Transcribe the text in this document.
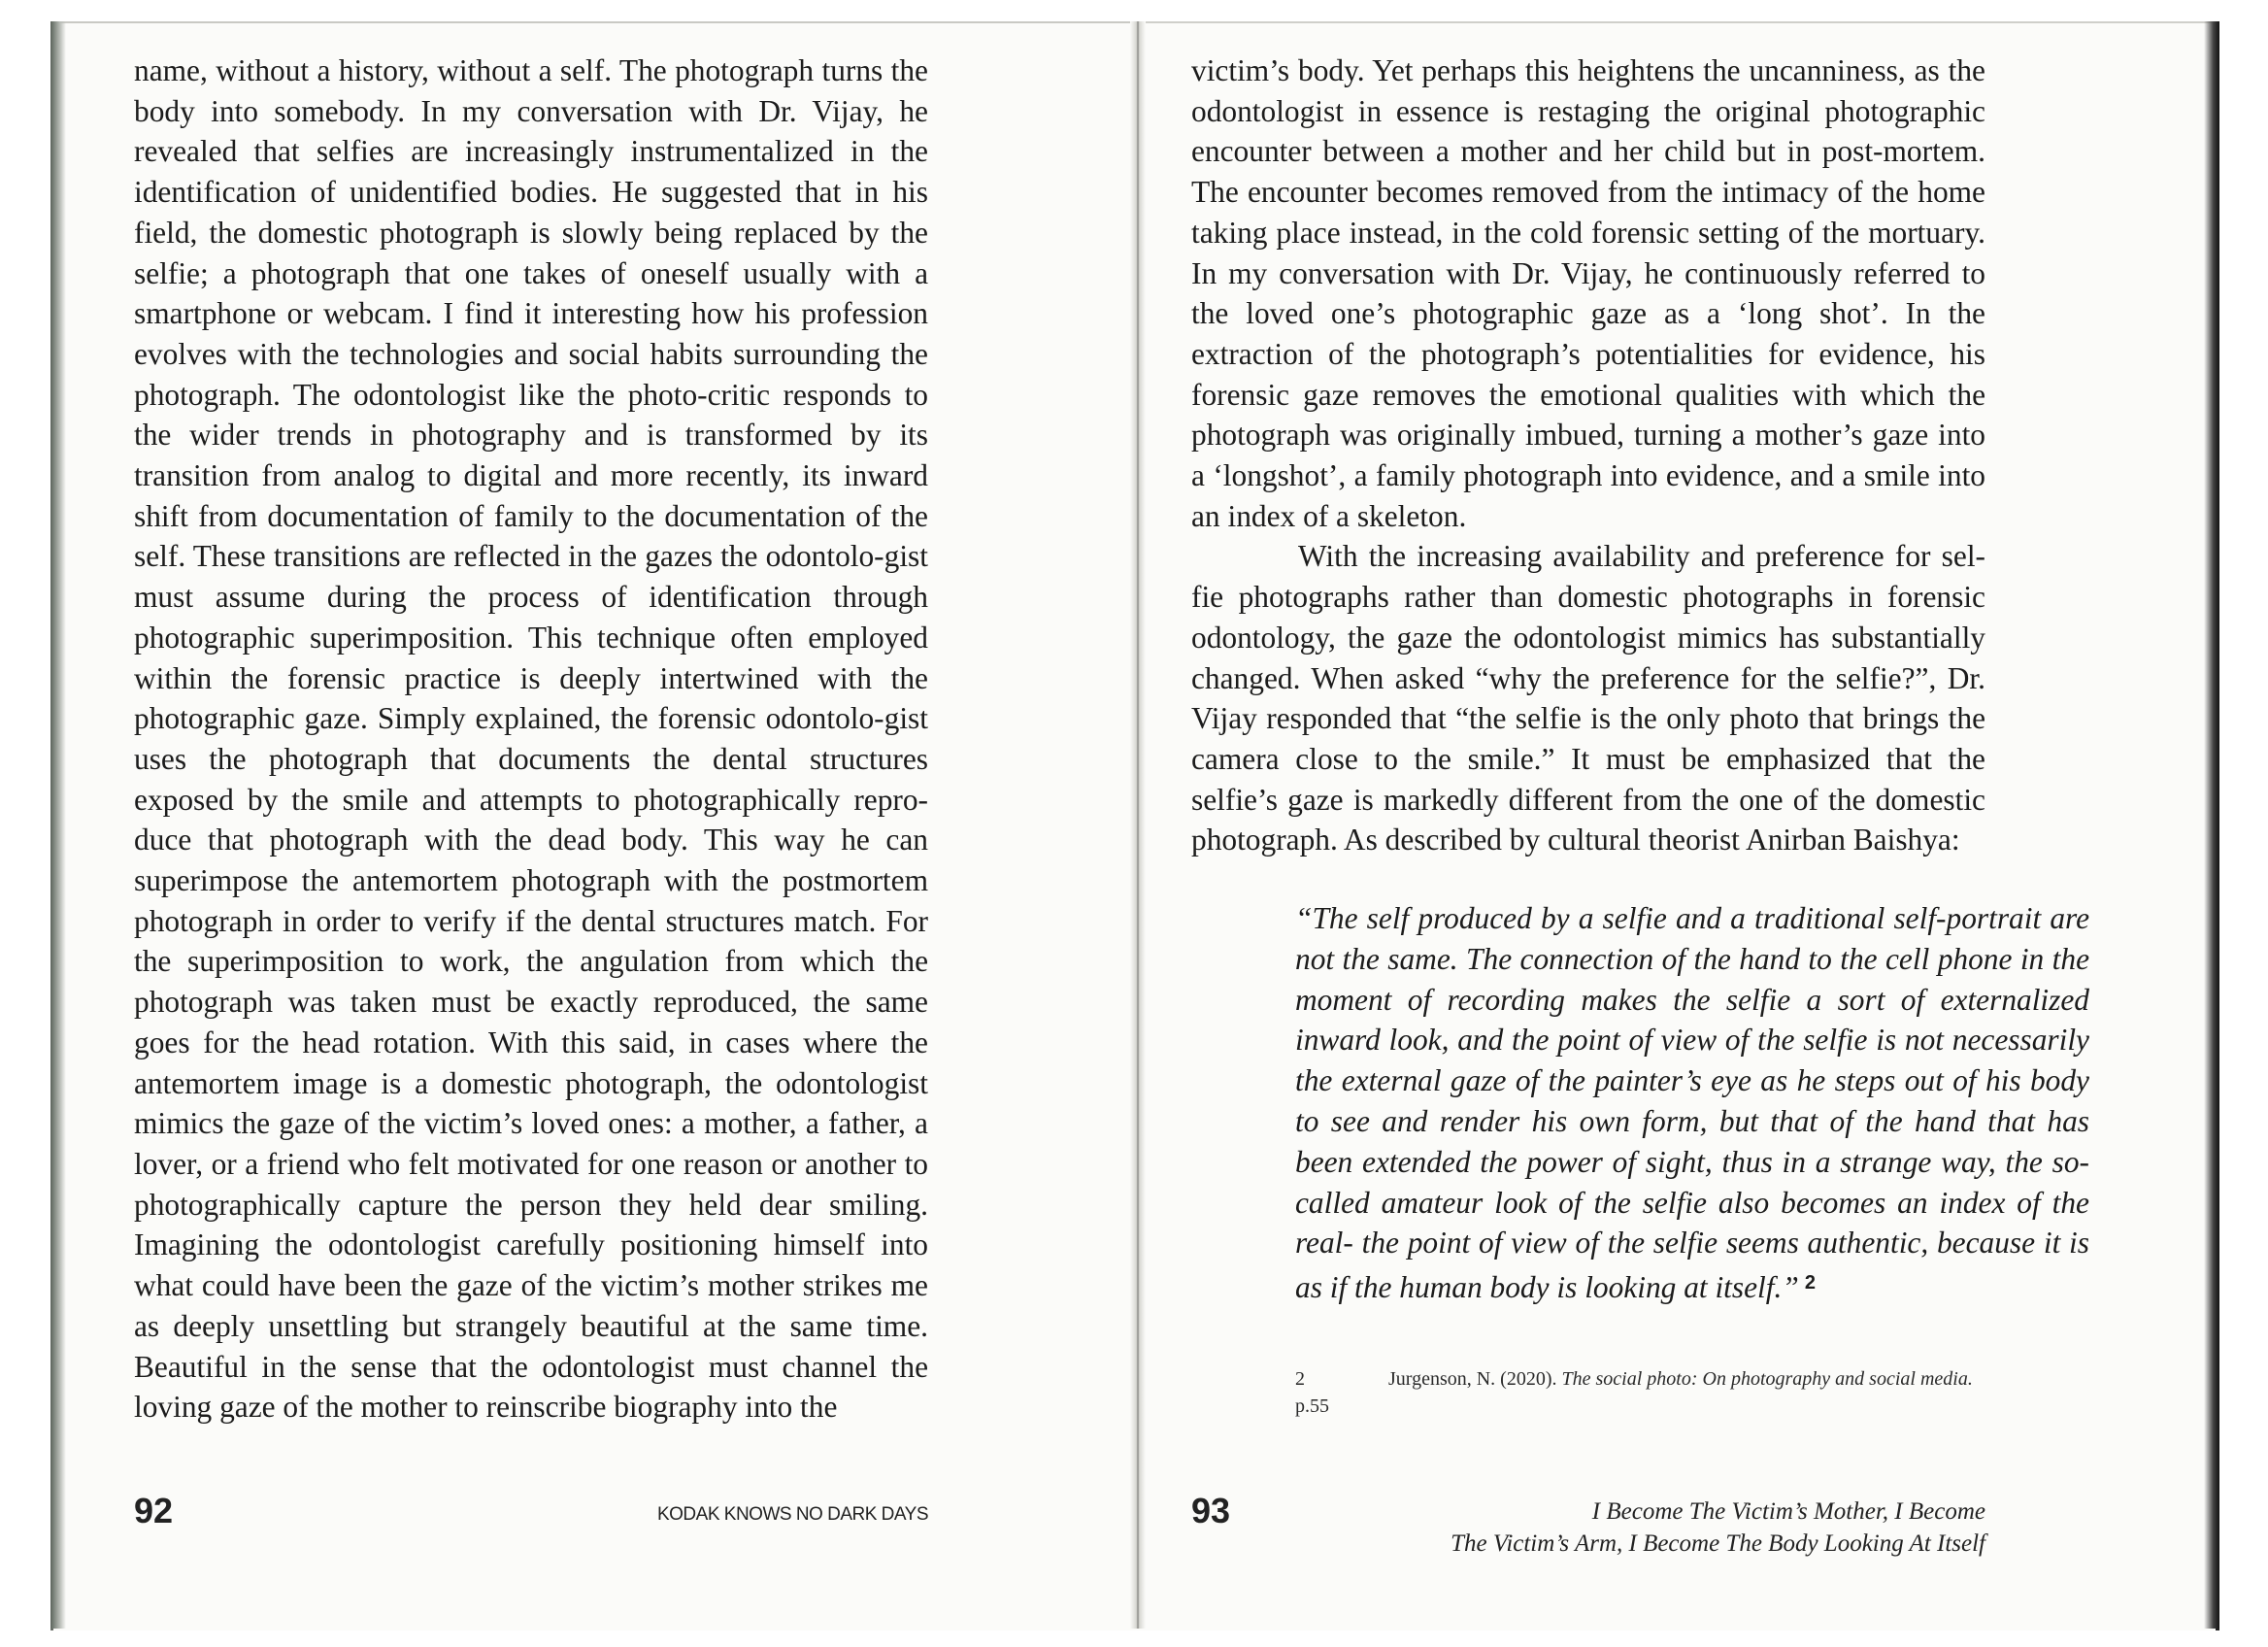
name, without a history, without a self. The photograph turns the body into somebody. In my conversation with Dr. Vijay, he revealed that selfies are increasingly instrumentalized in the identification of unidentified bodies. He suggested that in his field, the domestic photograph is slowly being replaced by the selfie; a photograph that one takes of oneself usually with a smartphone or webcam. I find it interesting how his profession evolves with the technologies and social habits surrounding the photograph. The odontologist like the photo-critic responds to the wider trends in photography and is transformed by its transition from analog to digital and more recently, its inward shift from documentation of family to the documentation of the self. These transitions are reflected in the gazes the odontolo-gist must assume during the process of identification through photographic superimposition. This technique often employed within the forensic practice is deeply intertwined with the photographic gaze. Simply explained, the forensic odontolo-gist uses the photograph that documents the dental structures exposed by the smile and attempts to photographically repro-duce that photograph with the dead body. This way he can superimpose the antemortem photograph with the postmortem photograph in order to verify if the dental structures match. For the superimposition to work, the angulation from which the photograph was taken must be exactly reproduced, the same goes for the head rotation. With this said, in cases where the antemortem image is a domestic photograph, the odontologist mimics the gaze of the victim’s loved ones: a mother, a father, a lover, or a friend who felt motivated for one reason or another to photographically capture the person they held dear smiling. Imagining the odontologist carefully positioning himself into what could have been the gaze of the victim’s mother strikes me as deeply unsettling but strangely beautiful at the same time. Beautiful in the sense that the odontologist must channel the loving gaze of the mother to reinscribe biography into the

92	KODAK KNOWS NO DARK DAYS
victim’s body. Yet perhaps this heightens the uncanniness, as the odontologist in essence is restaging the original photographic encounter between a mother and her child but in post-mortem. The encounter becomes removed from the intimacy of the home taking place instead, in the cold forensic setting of the mortuary. In my conversation with Dr. Vijay, he continuously referred to the loved one’s photographic gaze as a ‘long shot’. In the extraction of the photograph’s potentialities for evidence, his forensic gaze removes the emotional qualities with which the photograph was originally imbued, turning a mother’s gaze into a ‘longshot’, a family photograph into evidence, and a smile into an index of a skeleton.
With the increasing availability and preference for sel-fie photographs rather than domestic photographs in forensic odontology, the gaze the odontologist mimics has substantially changed. When asked “why the preference for the selfie?”, Dr. Vijay responded that “the selfie is the only photo that brings the camera close to the smile.” It must be emphasized that the selfie’s gaze is markedly different from the one of the domestic photograph. As described by cultural theorist Anirban Baishya:

“The self produced by a selfie and a traditional self-portrait are not the same. The connection of the hand to the cell phone in the moment of recording makes the selfie a sort of externalized inward look, and the point of view of the selfie is not necessarily the external gaze of the painter’s eye as he steps out of his body to see and render his own form, but that of the hand that has been extended the power of sight, thus in a strange way, the so-called amateur look of the selfie also becomes an index of the real- the point of view of the selfie seems authentic, because it is as if the human body is looking at itself.” $^2$

2	Jurgenson, N. (2020). The social photo: On photography and social media. p.55
93	I Become The Victim’s Mother, I Become
The Victim’s Arm, I Become The Body Looking At Itself
